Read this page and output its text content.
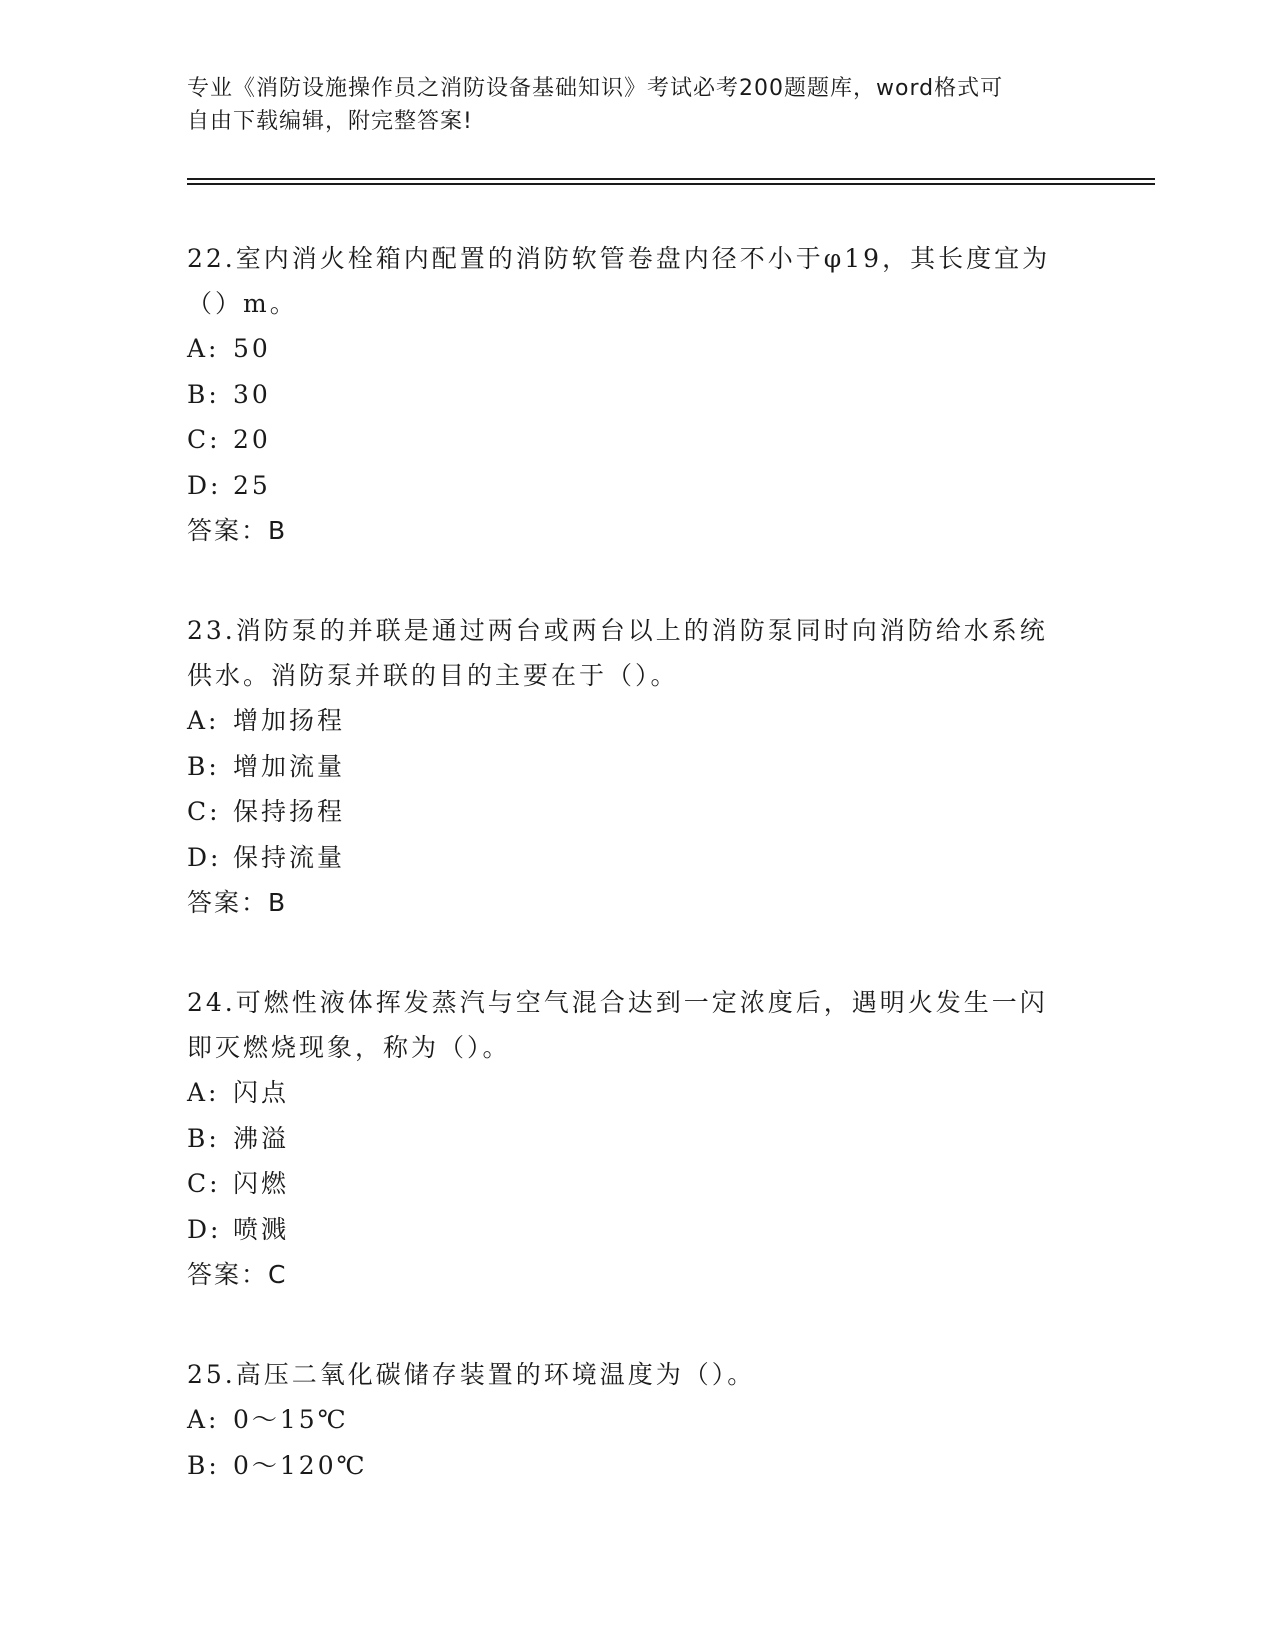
专业《消防设施操作员之消防设备基础知识》考试必考200题题库，word格式可
自由下载编辑，附完整答案!

22.室内消火栓箱内配置的消防软管卷盘内径不小于φ19，其长度宜为

（）m。

A: 50

B: 30

C: 20

D: 25

答案：B

23.消防泵的并联是通过两台或两台以上的消防泵同时向消防给水系统

供水。消防泵并联的目的主要在于（）。

A: 增加扬程

B: 增加流量

C: 保持扬程

D: 保持流量

答案：B

24.可燃性液体挥发蒸汽与空气混合达到一定浓度后，遇明火发生一闪

即灭燃烧现象，称为（）。

A: 闪点

B: 沸溢

C: 闪燃

D: 喷溅

答案：C

25.高压二氧化碳储存装置的环境温度为（）。

A: 0～15℃

B: 0～120℃
